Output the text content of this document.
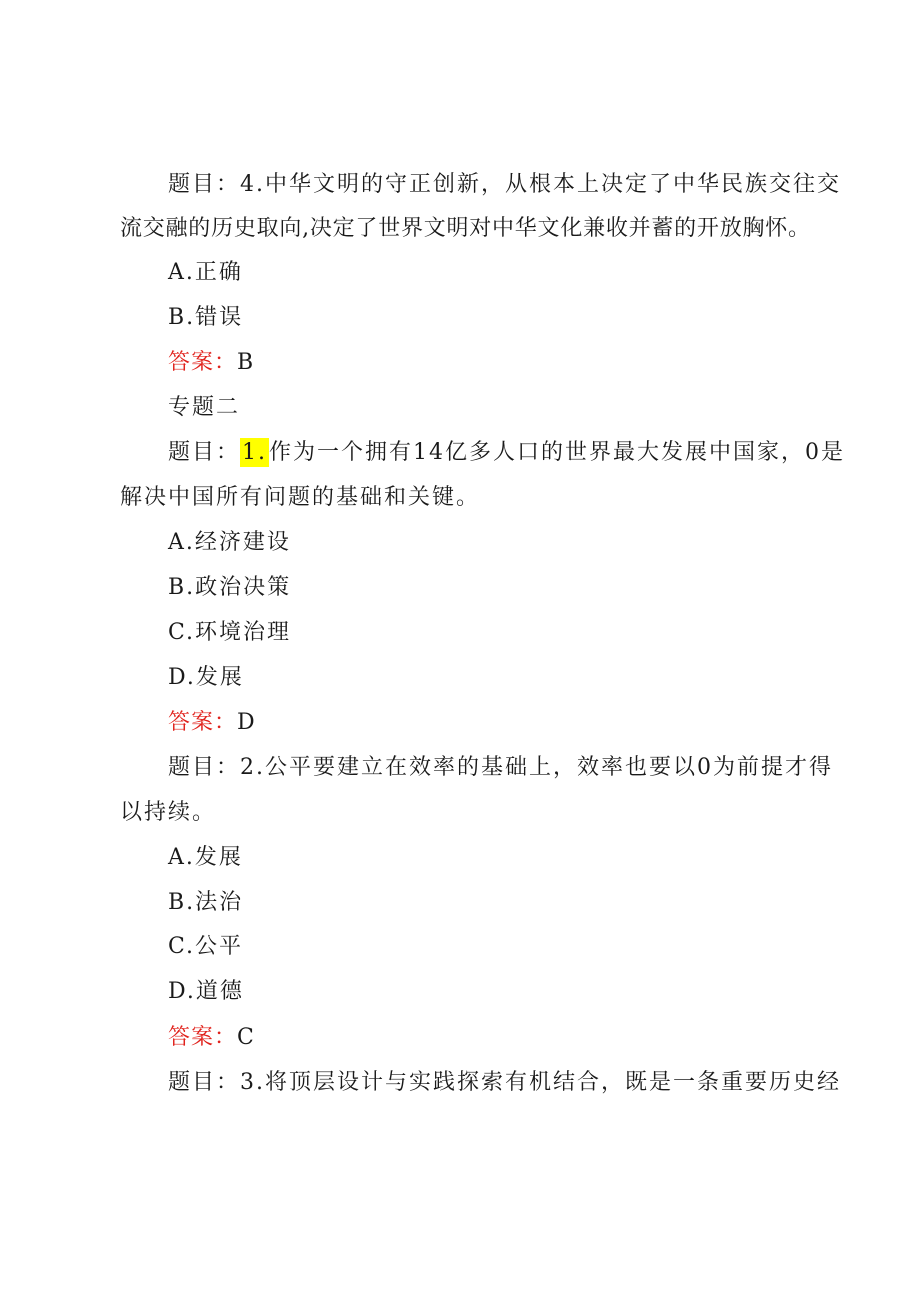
题目：4.中华文明的守正创新，从根本上决定了中华民族交往交
流交融的历史取向,决定了世界文明对中华文化兼收并蓄的开放胸怀。
A.正确
B.错误
答案：B
专题二
题目：1.作为一个拥有14亿多人口的世界最大发展中国家，0是
解决中国所有问题的基础和关键。
A.经济建设
B.政治决策
C.环境治理
D.发展
答案：D
题目：2.公平要建立在效率的基础上，效率也要以0为前提才得
以持续。
A.发展
B.法治
C.公平
D.道德
答案：C
题目：3.将顶层设计与实践探索有机结合，既是一条重要历史经
